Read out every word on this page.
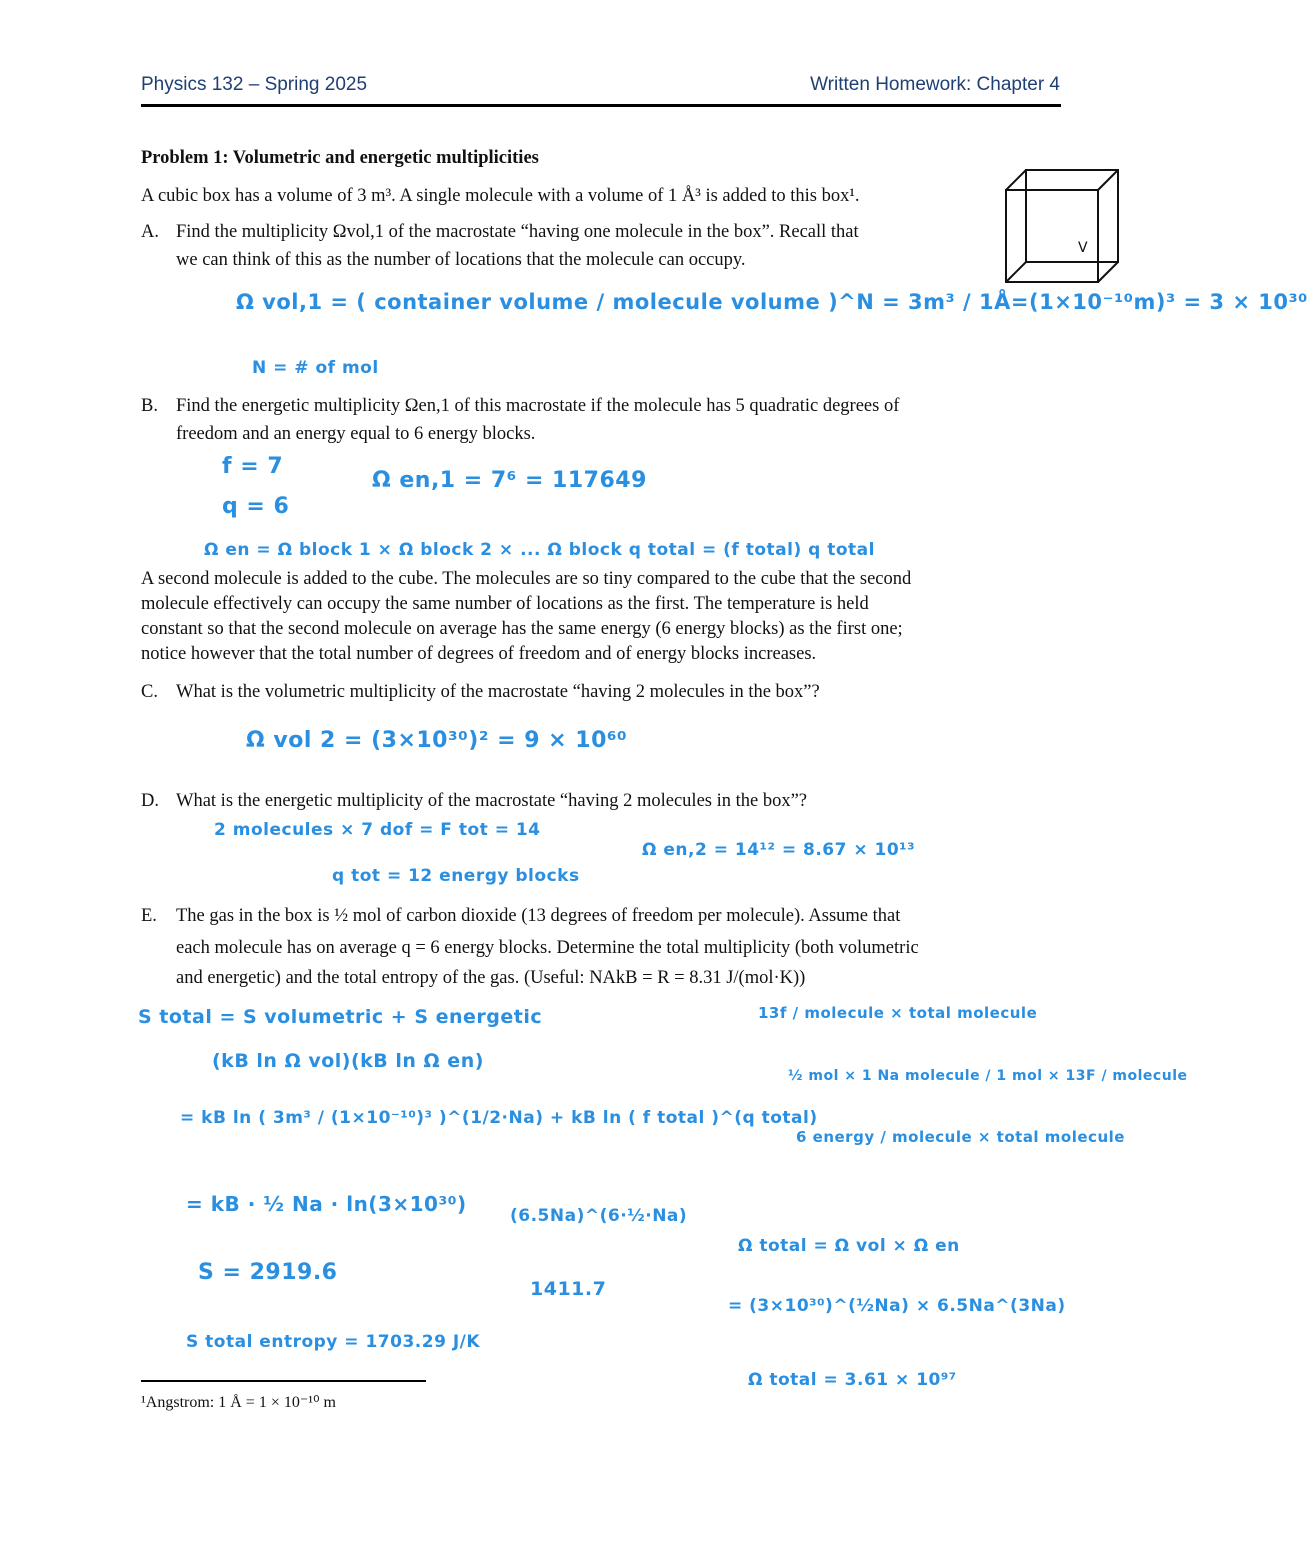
Physics 132 – Spring 2025	Written Homework: Chapter 4
Problem 1: Volumetric and energetic multiplicities
A cubic box has a volume of 3 m³. A single molecule with a volume of 1 Å³ is added to this box¹.
V
A. Find the multiplicity Ωvol,1 of the macrostate “having one molecule in the box”. Recall that
we can think of this as the number of locations that the molecule can occupy.
Ω vol,1 = ( container volume / molecule volume )^N = 3m³ / 1Å=(1×10⁻¹⁰m)³ = 3 × 10³⁰
N = # of mol
B. Find the energetic multiplicity Ωen,1 of this macrostate if the molecule has 5 quadratic degrees of
freedom and an energy equal to 6 energy blocks.
f = 7
q = 6
Ω en,1 = 7⁶ = 117649
Ω en = Ω block 1 × Ω block 2 × ... Ω block q total = (f total) q total
A second molecule is added to the cube. The molecules are so tiny compared to the cube that the second
molecule effectively can occupy the same number of locations as the first. The temperature is held
constant so that the second molecule on average has the same energy (6 energy blocks) as the first one;
notice however that the total number of degrees of freedom and of energy blocks increases.
C. What is the volumetric multiplicity of the macrostate “having 2 molecules in the box”?
Ω vol 2 = (3×10³⁰)² = 9 × 10⁶⁰
D. What is the energetic multiplicity of the macrostate “having 2 molecules in the box”?
2 molecules × 7 dof = F tot = 14
q tot = 12 energy blocks
Ω en,2 = 14¹² = 8.67 × 10¹³
E. The gas in the box is ½ mol of carbon dioxide (13 degrees of freedom per molecule). Assume that
each molecule has on average q = 6 energy blocks. Determine the total multiplicity (both volumetric
and energetic) and the total entropy of the gas. (Useful: NAkB = R = 8.31 J/(mol·K))
S total = S volumetric + S energetic
(kB ln Ω vol)(kB ln Ω en)
= kB ln ( 3m³ / (1×10⁻¹⁰)³ )^(1/2·Na) + kB ln ( f total )^(q total)
= kB · ½ Na · ln(3×10³⁰)	(6.5Na)^(6·½·Na)
S = 2919.6
1411.7
S total entropy = 1703.29 J/K
13f / molecule × total molecule
½ mol × 1 Na molecule / 1 mol × 13F / molecule
6 energy / molecule × total molecule
Ω total = Ω vol × Ω en
= (3×10³⁰)^(½Na) × 6.5Na^(3Na)
Ω total = 3.61 × 10⁹⁷
¹Angstrom: 1 Å = 1 × 10⁻¹⁰ m
